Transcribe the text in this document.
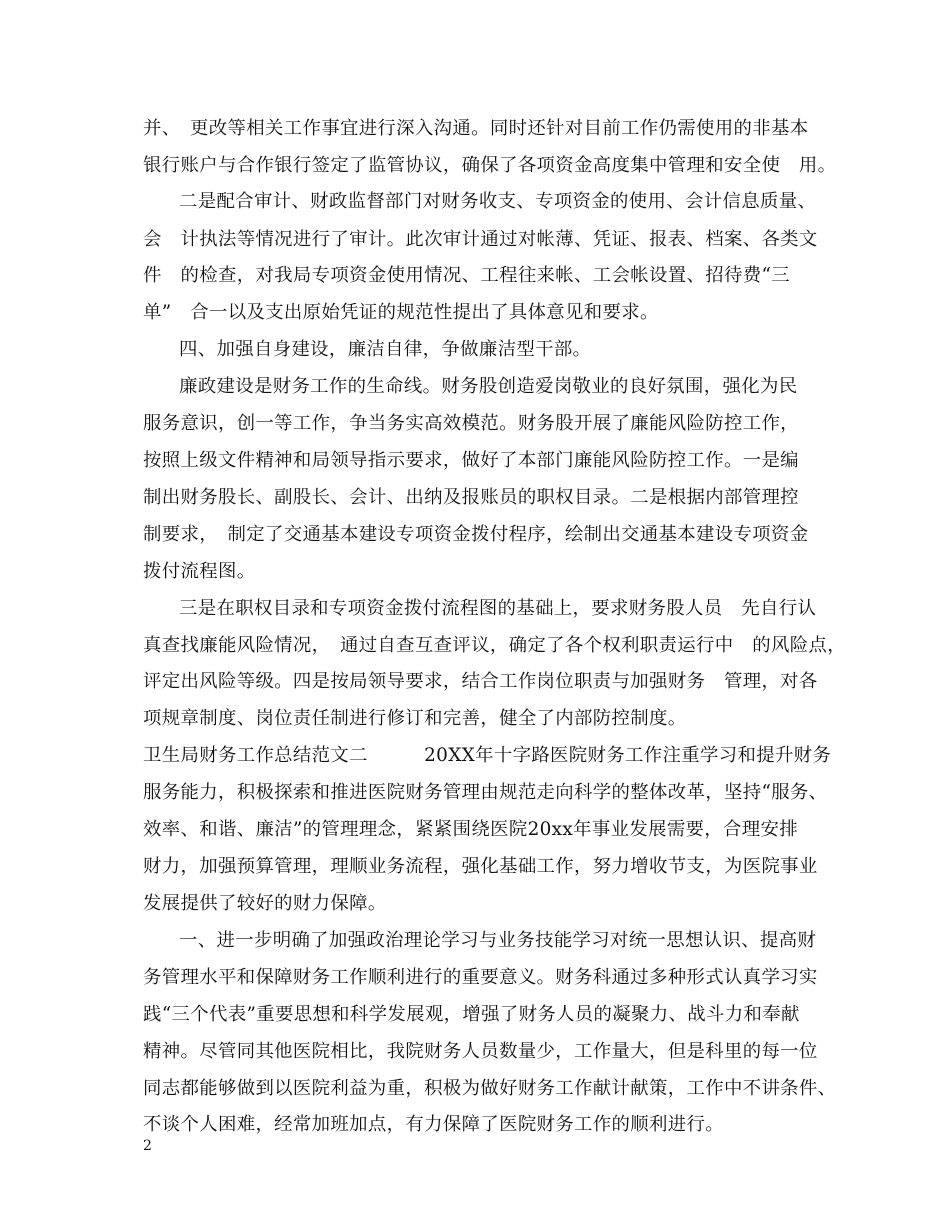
并、　更改等相关工作事宜进行深入沟通。同时还针对目前工作仍需使用的非基本
银行账户与合作银行签定了监管协议，确保了各项资金高度集中管理和安全使　用。
二是配合审计、财政监督部门对财务收支、专项资金的使用、会计信息质量、
会　计执法等情况进行了审计。此次审计通过对帐薄、凭证、报表、档案、各类文
件　的检查，对我局专项资金使用情况、工程往来帐、工会帐设置、招待费“三
单”　合一以及支出原始凭证的规范性提出了具体意见和要求。
四、加强自身建设，廉洁自律，争做廉洁型干部。
廉政建设是财务工作的生命线。财务股创造爱岗敬业的良好氛围，强化为民
服务意识，创一等工作，争当务实高效模范。财务股开展了廉能风险防控工作，
按照上级文件精神和局领导指示要求，做好了本部门廉能风险防控工作。一是编
制出财务股长、副股长、会计、出纳及报账员的职权目录。二是根据内部管理控
制要求，　制定了交通基本建设专项资金拨付程序，绘制出交通基本建设专项资金
拨付流程图。
三是在职权目录和专项资金拨付流程图的基础上，要求财务股人员　先自行认
真查找廉能风险情况，　通过自查互查评议，确定了各个权利职责运行中　的风险点，
评定出风险等级。四是按局领导要求，结合工作岗位职责与加强财务　管理，对各
项规章制度、岗位责任制进行修订和完善，健全了内部防控制度。
卫生局财务工作总结范文二　　　20XX年十字路医院财务工作注重学习和提升财务
服务能力，积极探索和推进医院财务管理由规范走向科学的整体改革，坚持“服务、
效率、和谐、廉洁”的管理理念，紧紧围绕医院20xx年事业发展需要，合理安排
财力，加强预算管理，理顺业务流程，强化基础工作，努力增收节支，为医院事业
发展提供了较好的财力保障。
一、进一步明确了加强政治理论学习与业务技能学习对统一思想认识、提高财
务管理水平和保障财务工作顺利进行的重要意义。财务科通过多种形式认真学习实
践“三个代表”重要思想和科学发展观，增强了财务人员的凝聚力、战斗力和奉献
精神。尽管同其他医院相比，我院财务人员数量少，工作量大，但是科里的每一位
同志都能够做到以医院利益为重，积极为做好财务工作献计献策，工作中不讲条件、
不谈个人困难，经常加班加点，有力保障了医院财务工作的顺利进行。
2
